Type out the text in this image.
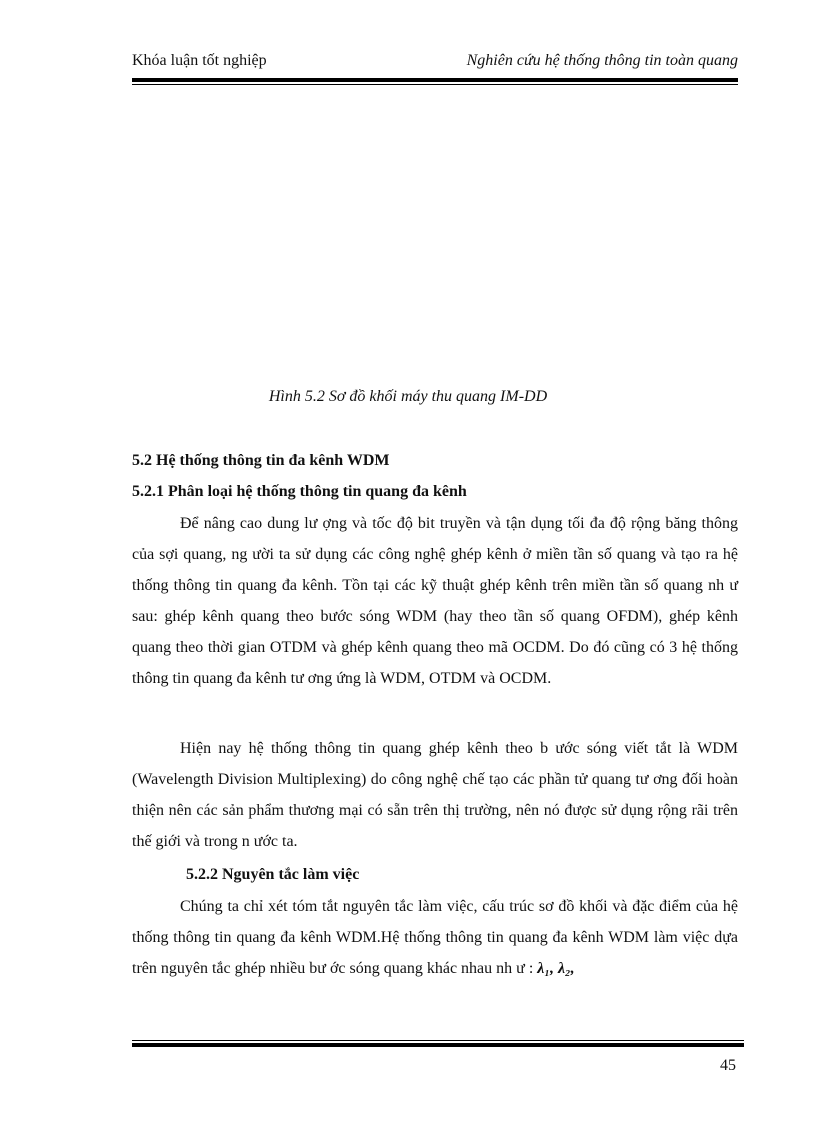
Khóa luận tốt nghiệp	Nghiên cứu hệ thống thông tin toàn quang
Hình 5.2 Sơ đồ khối máy thu quang IM-DD
5.2 Hệ thống thông tin đa kênh WDM
5.2.1 Phân loại hệ thống thông tin quang đa kênh

Để nâng cao dung lư ợng và tốc độ bit truyền và tận dụng tối đa độ rộng băng thông của sợi quang, ng ười ta sử dụng các công nghệ ghép kênh ở miền tần số quang và tạo ra hệ thống thông tin quang đa kênh. Tồn tại các kỹ thuật ghép kênh trên miền tần số quang nh ư sau: ghép kênh quang theo bước sóng WDM (hay theo tần số quang OFDM), ghép kênh quang theo thời gian OTDM và ghép kênh quang theo mã OCDM. Do đó cũng có 3 hệ thống thông tin quang đa kênh tư ơng ứng là WDM, OTDM và OCDM.

Hiện nay hệ thống thông tin quang ghép kênh theo b ước sóng viết tắt là WDM (Wavelength Division Multiplexing) do công nghệ chế tạo các phần tử quang tư ơng đối hoàn thiện nên các sản phẩm thương mại có sẵn trên thị trường, nên nó được sử dụng rộng rãi trên thế giới và trong n ước ta.

5.2.2 Nguyên tắc làm việc

Chúng ta chỉ xét tóm tắt nguyên tắc làm việc, cấu trúc sơ đồ khối và đặc điểm của hệ thống thông tin quang đa kênh WDM.Hệ thống thông tin quang đa kênh WDM làm việc dựa trên nguyên tắc ghép nhiều bư ớc sóng quang khác nhau nh ư : λ₁, λ₂,

45
